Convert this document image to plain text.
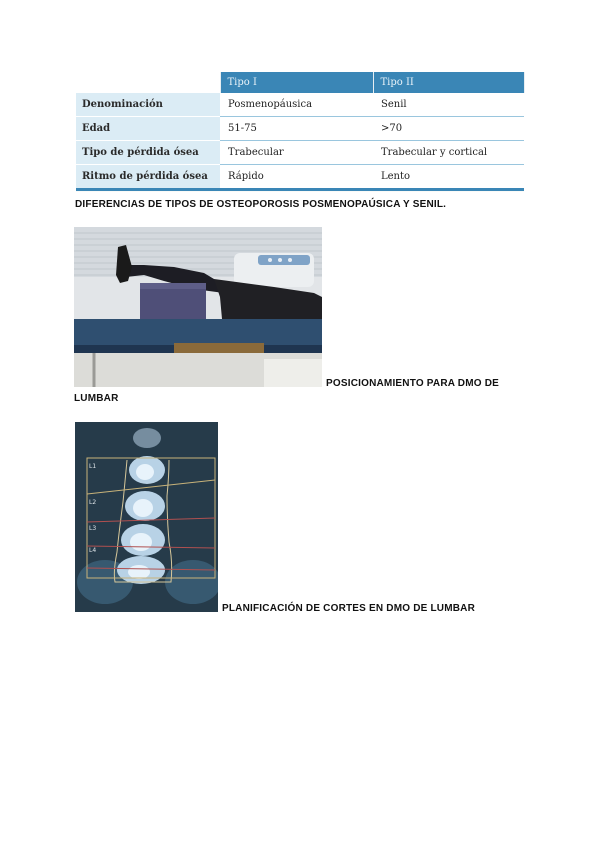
	Tipo I	Tipo II
Denominación	Posmenopáusica	Senil
Edad	51-75	>70
Tipo de pérdida ósea	Trabecular	Trabecular y cortical
Ritmo de pérdida ósea	Rápido	Lento
DIFERENCIAS DE TIPOS DE OSTEOPOROSIS POSMENOPAÚSICA Y SENIL.
POSICIONAMIENTO PARA DMO DE
LUMBAR
L1
L2
L3
L4
PLANIFICACIÓN DE CORTES EN DMO DE LUMBAR
